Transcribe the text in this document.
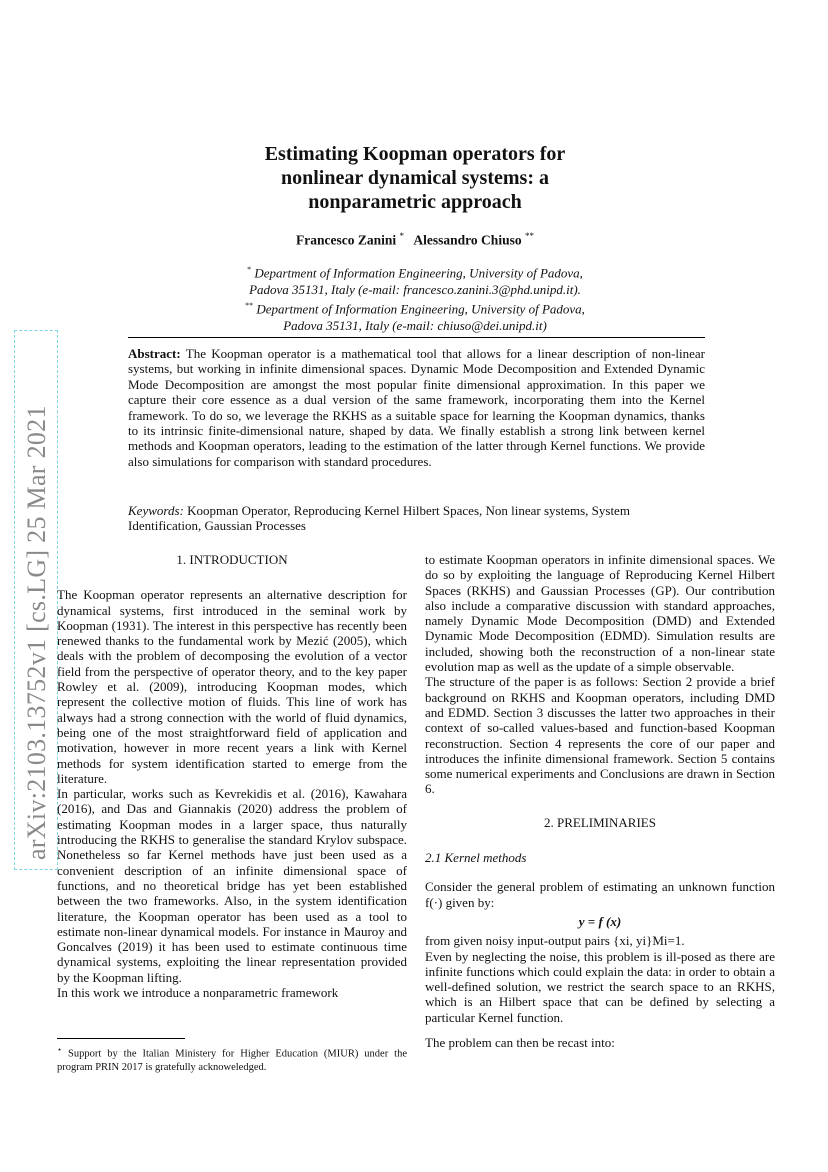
arXiv:2103.13752v1 [cs.LG] 25 Mar 2021
Estimating Koopman operators for
nonlinear dynamical systems: a
nonparametric approach
Francesco Zanini * Alessandro Chiuso **
* Department of Information Engineering, University of Padova,
Padova 35131, Italy (e-mail: francesco.zanini.3@phd.unipd.it).
** Department of Information Engineering, University of Padova,
Padova 35131, Italy (e-mail: chiuso@dei.unipd.it)
Abstract: The Koopman operator is a mathematical tool that allows for a linear description of non-linear systems, but working in infinite dimensional spaces. Dynamic Mode Decomposition and Extended Dynamic Mode Decomposition are amongst the most popular finite dimensional approximation. In this paper we capture their core essence as a dual version of the same framework, incorporating them into the Kernel framework. To do so, we leverage the RKHS as a suitable space for learning the Koopman dynamics, thanks to its intrinsic finite-dimensional nature, shaped by data. We finally establish a strong link between kernel methods and Koopman operators, leading to the estimation of the latter through Kernel functions. We provide also simulations for comparison with standard procedures.
Keywords: Koopman Operator, Reproducing Kernel Hilbert Spaces, Non linear systems, System Identification, Gaussian Processes
1. INTRODUCTION

The Koopman operator represents an alternative description for dynamical systems, first introduced in the seminal work by Koopman (1931). The interest in this perspective has recently been renewed thanks to the fundamental work by Mezić (2005), which deals with the problem of decomposing the evolution of a vector field from the perspective of operator theory, and to the key paper Rowley et al. (2009), introducing Koopman modes, which represent the collective motion of fluids. This line of work has always had a strong connection with the world of fluid dynamics, being one of the most straightforward field of application and motivation, however in more recent years a link with Kernel methods for system identification started to emerge from the literature.

In particular, works such as Kevrekidis et al. (2016), Kawahara (2016), and Das and Giannakis (2020) address the problem of estimating Koopman modes in a larger space, thus naturally introducing the RKHS to generalise the standard Krylov subspace. Nonetheless so far Kernel methods have just been used as a convenient description of an infinite dimensional space of functions, and no theoretical bridge has yet been established between the two frameworks. Also, in the system identification literature, the Koopman operator has been used as a tool to estimate non-linear dynamical models. For instance in Mauroy and Goncalves (2019) it has been used to estimate continuous time dynamical systems, exploiting the linear representation provided by the Koopman lifting.

In this work we introduce a nonparametric framework

⋆ Support by the Italian Ministery for Higher Education (MIUR) under the program PRIN 2017 is gratefully acknoweledged.

to estimate Koopman operators in infinite dimensional spaces. We do so by exploiting the language of Reproducing Kernel Hilbert Spaces (RKHS) and Gaussian Processes (GP). Our contribution also include a comparative discussion with standard approaches, namely Dynamic Mode Decomposition (DMD) and Extended Dynamic Mode Decomposition (EDMD). Simulation results are included, showing both the reconstruction of a non-linear state evolution map as well as the update of a simple observable.

The structure of the paper is as follows: Section 2 provide a brief background on RKHS and Koopman operators, including DMD and EDMD. Section 3 discusses the latter two approaches in their context of so-called values-based and function-based Koopman reconstruction. Section 4 represents the core of our paper and introduces the infinite dimensional framework. Section 5 contains some numerical experiments and Conclusions are drawn in Section 6.

2. PRELIMINARIES
2.1 Kernel methods

Consider the general problem of estimating an unknown function f(·) given by:

y = f (x)

from given noisy input-output pairs {xi, yi}Mi=1.

Even by neglecting the noise, this problem is ill-posed as there are infinite functions which could explain the data: in order to obtain a well-defined solution, we restrict the search space to an RKHS, which is an Hilbert space that can be defined by selecting a particular Kernel function.

The problem can then be recast into:
